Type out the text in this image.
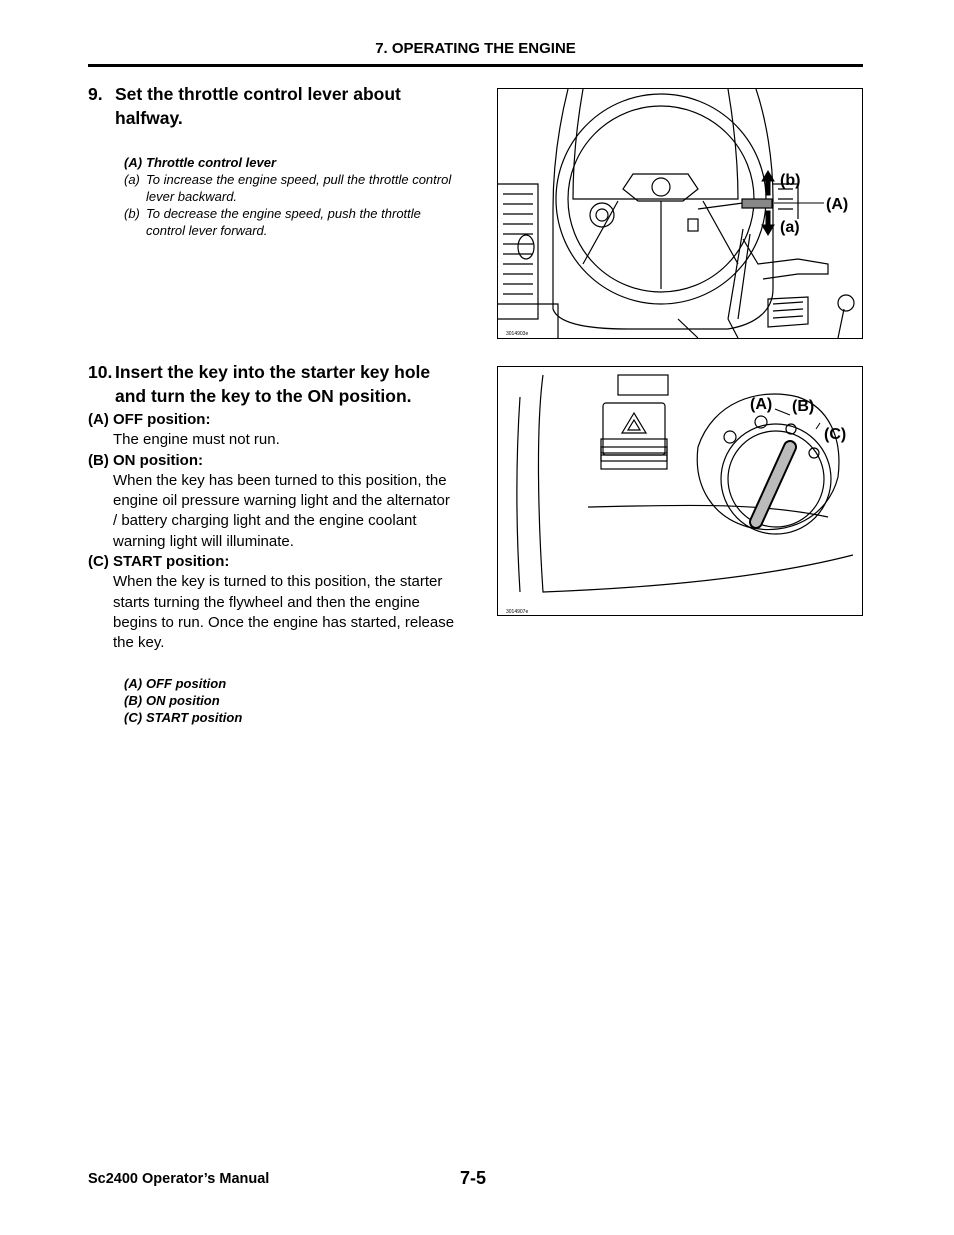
7. OPERATING THE ENGINE
9. Set the throttle control lever about halfway.
(A) Throttle control lever
(a) To increase the engine speed, pull the throttle control lever backward.
(b) To decrease the engine speed, push the throttle control lever forward.
(b)
(a)
(A)
3014903e
10. Insert the key into the starter key hole and turn the key to the ON position.
(A) OFF position:
The engine must not run.
(B) ON position:
When the key has been turned to this position, the engine oil pressure warning light and the alternator / battery charging light and the engine coolant warning light will illuminate.
(C) START position:
When the key is turned to this position, the starter starts turning the flywheel and then the engine begins to run. Once the engine has started, release the key.
(A) OFF position
(B) ON position
(C) START position
(A) (B)
(C)
3014907e
Sc2400 Operator’s Manual	7-5
